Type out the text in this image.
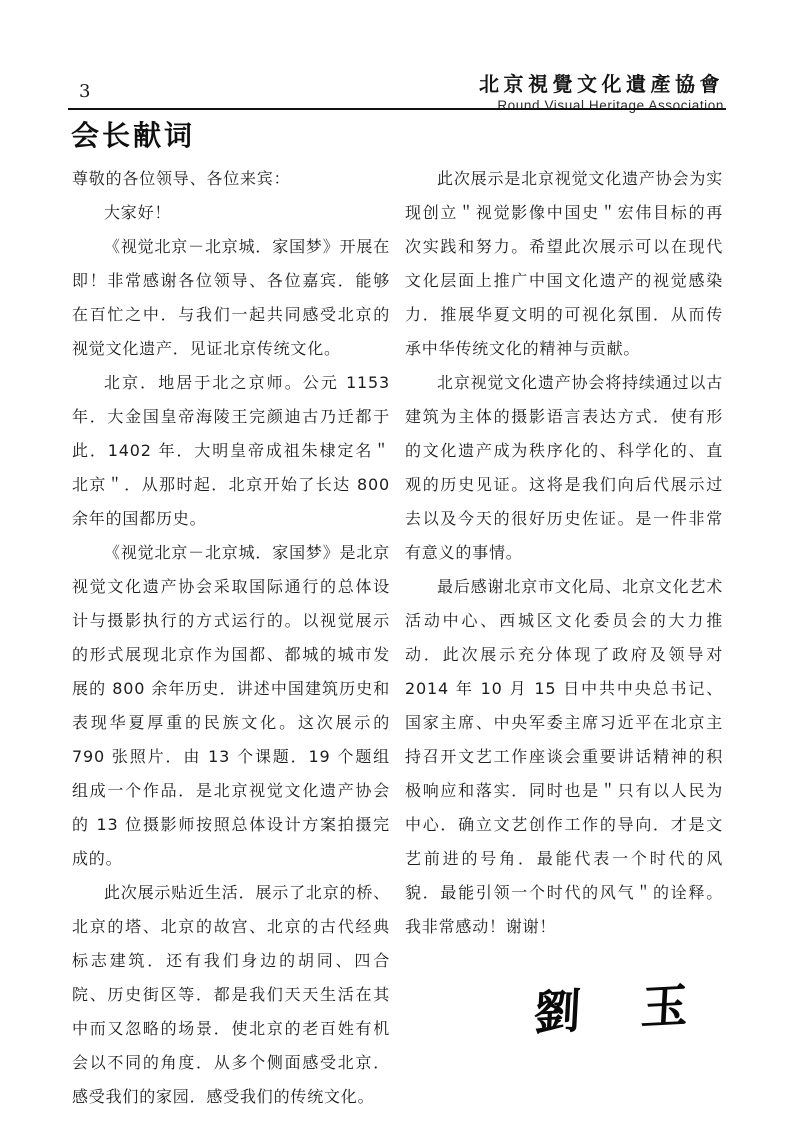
3	北京視覺文化遺產協會
Round Visual Heritage Association
会长献词

尊敬的各位领导、各位来宾：

大家好！

《视觉北京－北京城．家国梦》开展在即！非常感谢各位领导、各位嘉宾．能够在百忙之中．与我们一起共同感受北京的视觉文化遗产．见证北京传统文化。

北京．地居于北之京师。公元 1153 年．大金国皇帝海陵王完颜迪古乃迁都于此．1402 年．大明皇帝成祖朱棣定名＂北京＂．从那时起．北京开始了长达 800 余年的国都历史。

《视觉北京－北京城．家国梦》是北京视觉文化遗产协会采取国际通行的总体设计与摄影执行的方式运行的。以视觉展示的形式展现北京作为国都、都城的城市发展的 800 余年历史．讲述中国建筑历史和表现华夏厚重的民族文化。这次展示的 790 张照片．由 13 个课题．19 个题组组成一个作品．是北京视觉文化遗产协会的 13 位摄影师按照总体设计方案拍摄完成的。

此次展示贴近生活．展示了北京的桥、北京的塔、北京的故宫、北京的古代经典标志建筑．还有我们身边的胡同、四合院、历史街区等．都是我们天天生活在其中而又忽略的场景．使北京的老百姓有机会以不同的角度．从多个侧面感受北京．感受我们的家园．感受我们的传统文化。

此次展示是北京视觉文化遗产协会为实现创立＂视觉影像中国史＂宏伟目标的再次实践和努力。希望此次展示可以在现代文化层面上推广中国文化遗产的视觉感染力．推展华夏文明的可视化氛围．从而传承中华传统文化的精神与贡献。

北京视觉文化遗产协会将持续通过以古建筑为主体的摄影语言表达方式．使有形的文化遗产成为秩序化的、科学化的、直观的历史见证。这将是我们向后代展示过去以及今天的很好历史佐证。是一件非常有意义的事情。

最后感谢北京市文化局、北京文化艺术活动中心、西城区文化委员会的大力推动．此次展示充分体现了政府及领导对 2014 年 10 月 15 日中共中央总书记、国家主席、中央军委主席习近平在北京主持召开文艺工作座谈会重要讲话精神的积极响应和落实．同时也是＂只有以人民为中心．确立文艺创作工作的导向．才是文艺前进的号角．最能代表一个时代的风貌．最能引领一个时代的风气＂的诠释。我非常感动！谢谢！

劉 玉
